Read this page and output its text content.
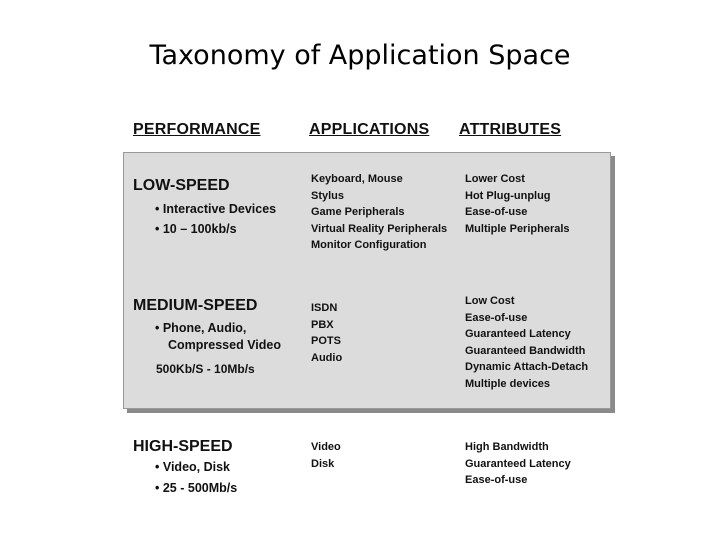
Taxonomy of Application Space
PERFORMANCE	APPLICATIONS ATTRIBUTES
LOW-SPEED
• Interactive Devices
• 10 – 100kb/s
Keyboard, Mouse
Stylus
Game Peripherals
Virtual Reality Peripherals
Monitor Configuration
Lower Cost
Hot Plug-unplug
Ease-of-use
Multiple Peripherals
MEDIUM-SPEED
• Phone, Audio,
Compressed Video
500Kb/S - 10Mb/s
ISDN
PBX
POTS
Audio
Low Cost
Ease-of-use
Guaranteed Latency
Guaranteed Bandwidth
Dynamic Attach-Detach
Multiple devices
HIGH-SPEED
• Video, Disk
• 25 - 500Mb/s
Video
Disk
High Bandwidth
Guaranteed Latency
Ease-of-use
